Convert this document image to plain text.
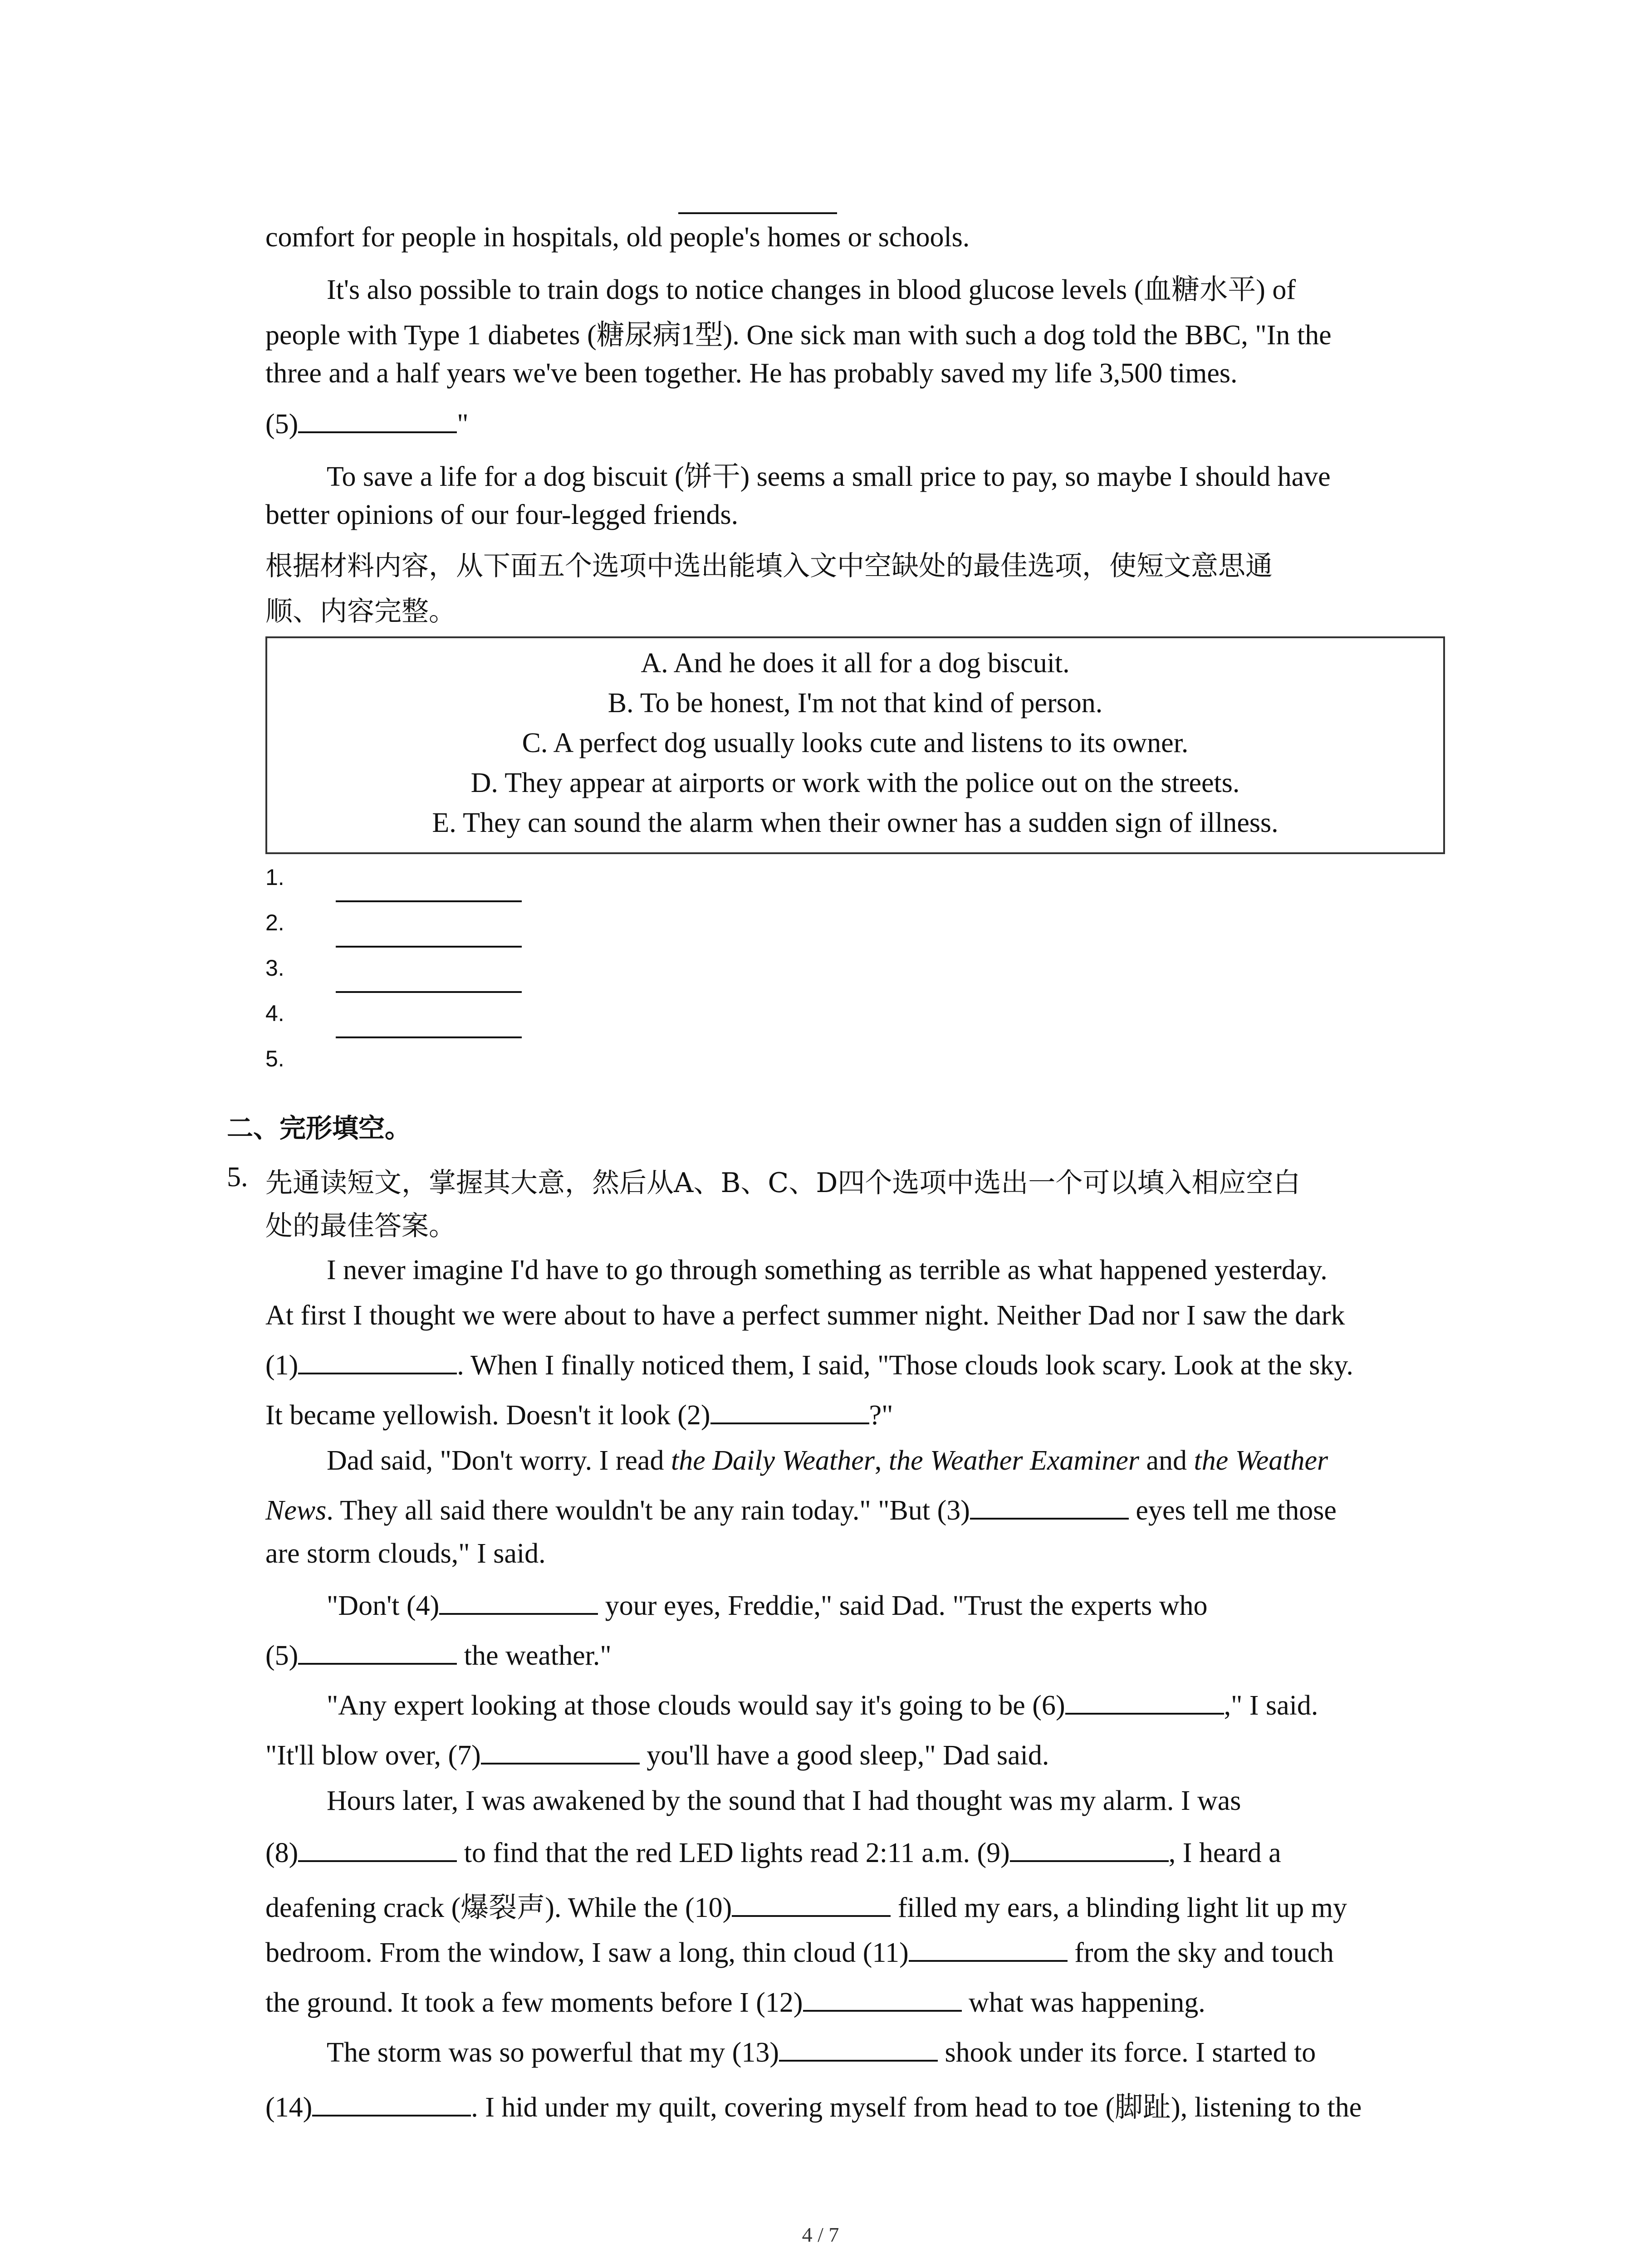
comfort for people in hospitals, old people's homes or schools.
It's also possible to train dogs to notice changes in blood glucose levels (血糖水平) of
people with Type 1 diabetes (糖尿病1型). One sick man with such a dog told the BBC, "In the
three and a half years we've been together. He has probably saved my life 3,500 times.
(5)	"
To save a life for a dog biscuit (饼干) seems a small price to pay, so maybe I should have
better opinions of our four-legged friends.
根据材料内容，从下面五个选项中选出能填入文中空缺处的最佳选项，使短文意思通
顺、内容完整。
A. And he does it all for a dog biscuit.
B. To be honest, I'm not that kind of person.
C. A perfect dog usually looks cute and listens to its owner.
D. They appear at airports or work with the police out on the streets.
E. They can sound the alarm when their owner has a sudden sign of illness.
1.
2.
3.
4.
5.
二、完形填空。
5. 先通读短文，掌握其大意，然后从A、B、C、D四个选项中选出一个可以填入相应空白
处的最佳答案。
I never imagine I'd have to go through something as terrible as what happened yesterday.
At first I thought we were about to have a perfect summer night. Neither Dad nor I saw the dark
(1)	. When I finally noticed them, I said, "Those clouds look scary. Look at the sky.
It became yellowish. Doesn't it look (2)	?"
Dad said, "Don't worry. I read the Daily Weather, the Weather Examiner and the Weather
News. They all said there wouldn't be any rain today." "But (3)	eyes tell me those
are storm clouds," I said.
"Don't (4)	your eyes, Freddie," said Dad. "Trust the experts who
(5)	the weather."
"Any expert looking at those clouds would say it's going to be (6)	," I said.
"It'll blow over, (7)	you'll have a good sleep," Dad said.
Hours later, I was awakened by the sound that I had thought was my alarm. I was
(8)	to find that the red LED lights read 2:11 a.m. (9)	, I heard a
deafening crack (爆裂声). While the (10)	filled my ears, a blinding light lit up my
bedroom. From the window, I saw a long, thin cloud (11)	from the sky and touch
the ground. It took a few moments before I (12)	what was happening.
The storm was so powerful that my (13)	shook under its force. I started to
(14)	. I hid under my quilt, covering myself from head to toe (脚趾), listening to the
4 / 7
